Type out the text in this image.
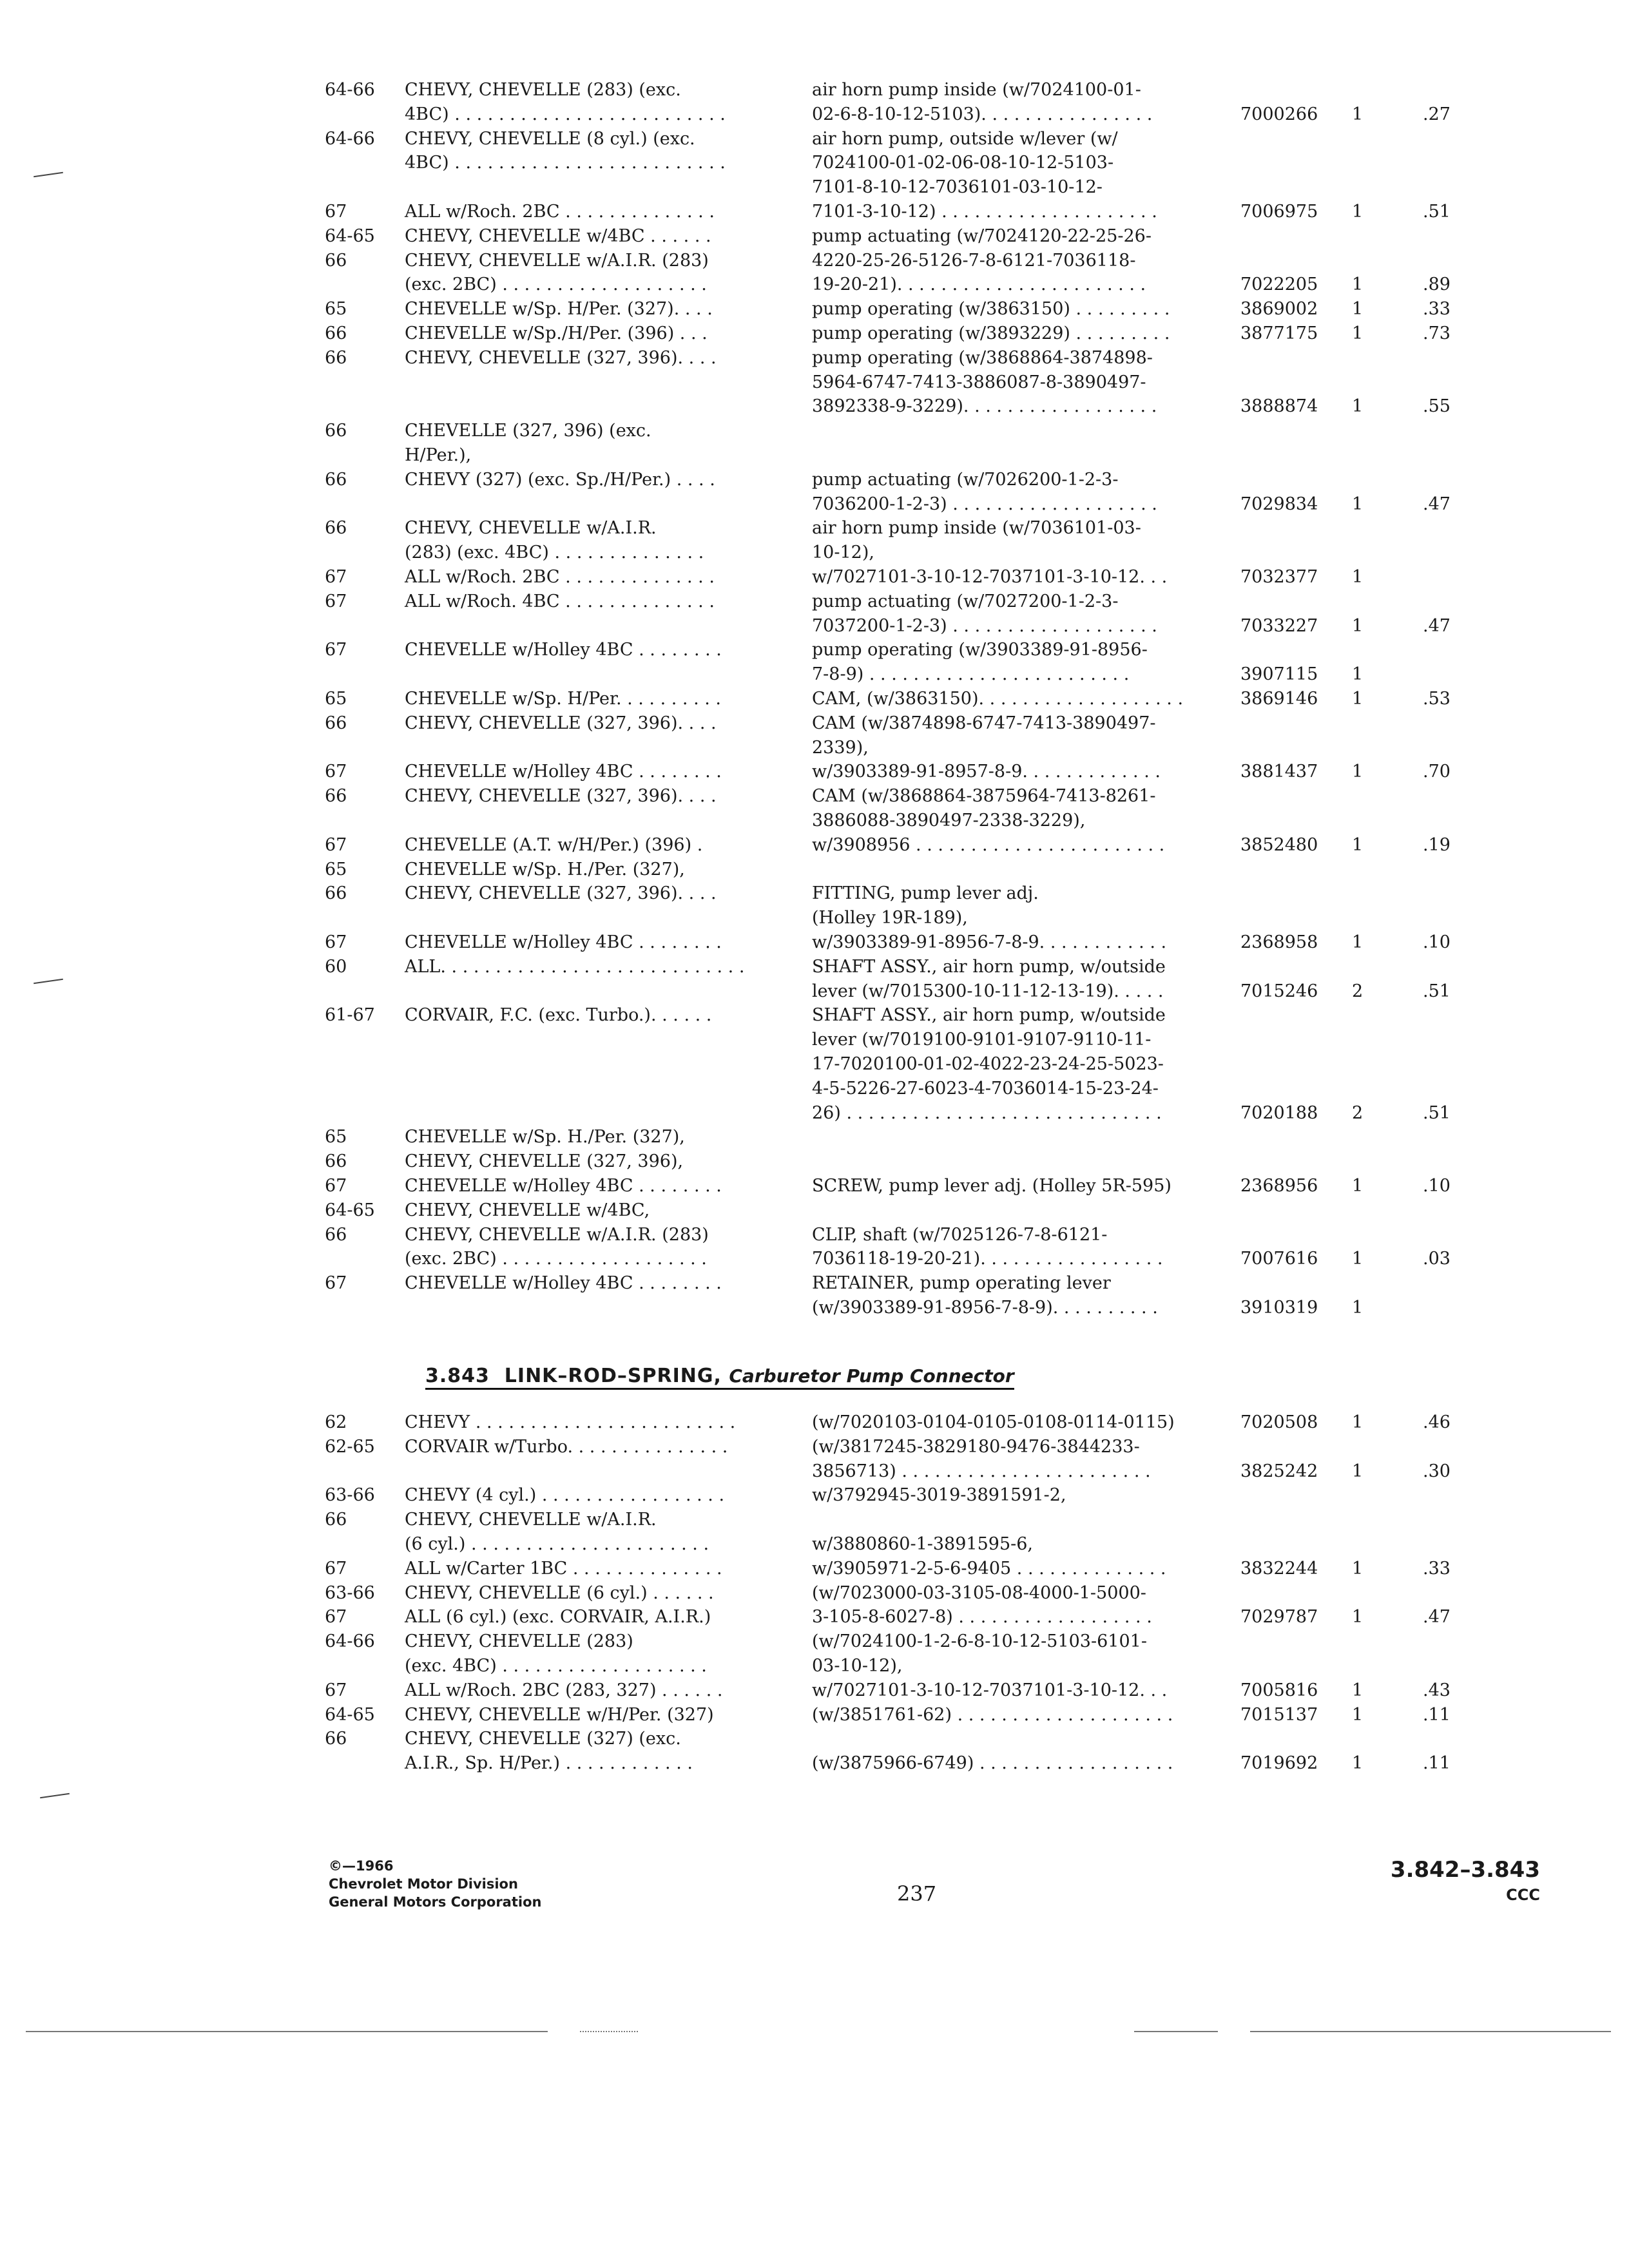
64-66 CHEVY, CHEVELLE (283) (exc.	air horn pump inside (w/7024100-01-
4BC) . . . . . . . . . . . . . . . . . . . . . . . . .	02-6-8-10-12-5103). . . . . . . . . . . . . . . .	7000266 1	.27
64-66 CHEVY, CHEVELLE (8 cyl.) (exc.	air horn pump, outside w/lever (w/
4BC) . . . . . . . . . . . . . . . . . . . . . . . . .	7024100-01-02-06-08-10-12-5103-
7101-8-10-12-7036101-03-10-12-
67	ALL w/Roch. 2BC . . . . . . . . . . . . . .	7101-3-10-12) . . . . . . . . . . . . . . . . . . . .	7006975 1	.51
64-65 CHEVY, CHEVELLE w/4BC . . . . . .	pump actuating (w/7024120-22-25-26-
66	CHEVY, CHEVELLE w/A.I.R. (283)	4220-25-26-5126-7-8-6121-7036118-
(exc. 2BC) . . . . . . . . . . . . . . . . . . .	19-20-21). . . . . . . . . . . . . . . . . . . . . . .	7022205 1	.89
65	CHEVELLE w/Sp. H/Per. (327). . . .	pump operating (w/3863150) . . . . . . . . .	3869002 1	.33
66	CHEVELLE w/Sp./H/Per. (396) . . .	pump operating (w/3893229) . . . . . . . . .	3877175 1	.73
66	CHEVY, CHEVELLE (327, 396). . . .	pump operating (w/3868864-3874898-
5964-6747-7413-3886087-8-3890497-
3892338-9-3229). . . . . . . . . . . . . . . . . .	3888874 1	.55
66	CHEVELLE (327, 396) (exc.
H/Per.),
66	CHEVY (327) (exc. Sp./H/Per.) . . . .	pump actuating (w/7026200-1-2-3-
7036200-1-2-3) . . . . . . . . . . . . . . . . . . .	7029834 1	.47
66	CHEVY, CHEVELLE w/A.I.R.	air horn pump inside (w/7036101-03-
(283) (exc. 4BC) . . . . . . . . . . . . . .	10-12),
67	ALL w/Roch. 2BC . . . . . . . . . . . . . .	w/7027101-3-10-12-7037101-3-10-12. . .	7032377 1
67	ALL w/Roch. 4BC . . . . . . . . . . . . . .	pump actuating (w/7027200-1-2-3-
7037200-1-2-3) . . . . . . . . . . . . . . . . . . .	7033227 1	.47
67	CHEVELLE w/Holley 4BC . . . . . . . .	pump operating (w/3903389-91-8956-
7-8-9) . . . . . . . . . . . . . . . . . . . . . . . .	3907115 1
65	CHEVELLE w/Sp. H/Per. . . . . . . . . .	CAM, (w/3863150). . . . . . . . . . . . . . . . . . .	3869146 1	.53
66	CHEVY, CHEVELLE (327, 396). . . .	CAM (w/3874898-6747-7413-3890497-
2339),
67	CHEVELLE w/Holley 4BC . . . . . . . .	w/3903389-91-8957-8-9. . . . . . . . . . . . .	3881437 1	.70
66	CHEVY, CHEVELLE (327, 396). . . .	CAM (w/3868864-3875964-7413-8261-
3886088-3890497-2338-3229),
67	CHEVELLE (A.T. w/H/Per.) (396) .	w/3908956 . . . . . . . . . . . . . . . . . . . . . . .	3852480 1	.19
65	CHEVELLE w/Sp. H./Per. (327),
66	CHEVY, CHEVELLE (327, 396). . . .	FITTING, pump lever adj.
(Holley 19R-189),
67	CHEVELLE w/Holley 4BC . . . . . . . .	w/3903389-91-8956-7-8-9. . . . . . . . . . . .	2368958 1	.10
60	ALL. . . . . . . . . . . . . . . . . . . . . . . . . . . .	SHAFT ASSY., air horn pump, w/outside
lever (w/7015300-10-11-12-13-19). . . . .	7015246 2	.51
61-67 CORVAIR, F.C. (exc. Turbo.). . . . . .	SHAFT ASSY., air horn pump, w/outside
lever (w/7019100-9101-9107-9110-11-
17-7020100-01-02-4022-23-24-25-5023-
4-5-5226-27-6023-4-7036014-15-23-24-
26) . . . . . . . . . . . . . . . . . . . . . . . . . . . . .	7020188 2	.51
65	CHEVELLE w/Sp. H./Per. (327),
66	CHEVY, CHEVELLE (327, 396),
67	CHEVELLE w/Holley 4BC . . . . . . . .	SCREW, pump lever adj. (Holley 5R-595)	2368956 1	.10
64-65 CHEVY, CHEVELLE w/4BC,
66	CHEVY, CHEVELLE w/A.I.R. (283)	CLIP, shaft (w/7025126-7-8-6121-
(exc. 2BC) . . . . . . . . . . . . . . . . . . .	7036118-19-20-21). . . . . . . . . . . . . . . . .	7007616 1	.03
67	CHEVELLE w/Holley 4BC . . . . . . . .	RETAINER, pump operating lever
(w/3903389-91-8956-7-8-9). . . . . . . . . .	3910319 1
3.843 LINK–ROD–SPRING, Carburetor Pump Connector
62	CHEVY . . . . . . . . . . . . . . . . . . . . . . . .	(w/7020103-0104-0105-0108-0114-0115)	7020508 1	.46
62-65 CORVAIR w/Turbo. . . . . . . . . . . . . . .	(w/3817245-3829180-9476-3844233-
3856713) . . . . . . . . . . . . . . . . . . . . . . .	3825242 1	.30
63-66 CHEVY (4 cyl.) . . . . . . . . . . . . . . . . .	w/3792945-3019-3891591-2,
66	CHEVY, CHEVELLE w/A.I.R.
(6 cyl.) . . . . . . . . . . . . . . . . . . . . . .	w/3880860-1-3891595-6,
67	ALL w/Carter 1BC . . . . . . . . . . . . . .	w/3905971-2-5-6-9405 . . . . . . . . . . . . . .	3832244 1	.33
63-66 CHEVY, CHEVELLE (6 cyl.) . . . . . .	(w/7023000-03-3105-08-4000-1-5000-
67	ALL (6 cyl.) (exc. CORVAIR, A.I.R.)	3-105-8-6027-8) . . . . . . . . . . . . . . . . . .	7029787 1	.47
64-66 CHEVY, CHEVELLE (283)	(w/7024100-1-2-6-8-10-12-5103-6101-
(exc. 4BC) . . . . . . . . . . . . . . . . . . .	03-10-12),
67	ALL w/Roch. 2BC (283, 327) . . . . . .	w/7027101-3-10-12-7037101-3-10-12. . .	7005816 1	.43
64-65 CHEVY, CHEVELLE w/H/Per. (327)	(w/3851761-62) . . . . . . . . . . . . . . . . . . . .	7015137 1	.11
66	CHEVY, CHEVELLE (327) (exc.
A.I.R., Sp. H/Per.) . . . . . . . . . . . .	(w/3875966-6749) . . . . . . . . . . . . . . . . . .	7019692 1	.11
©—1966
Chevrolet Motor Division
General Motors Corporation	237
3.842–3.843
CCC
